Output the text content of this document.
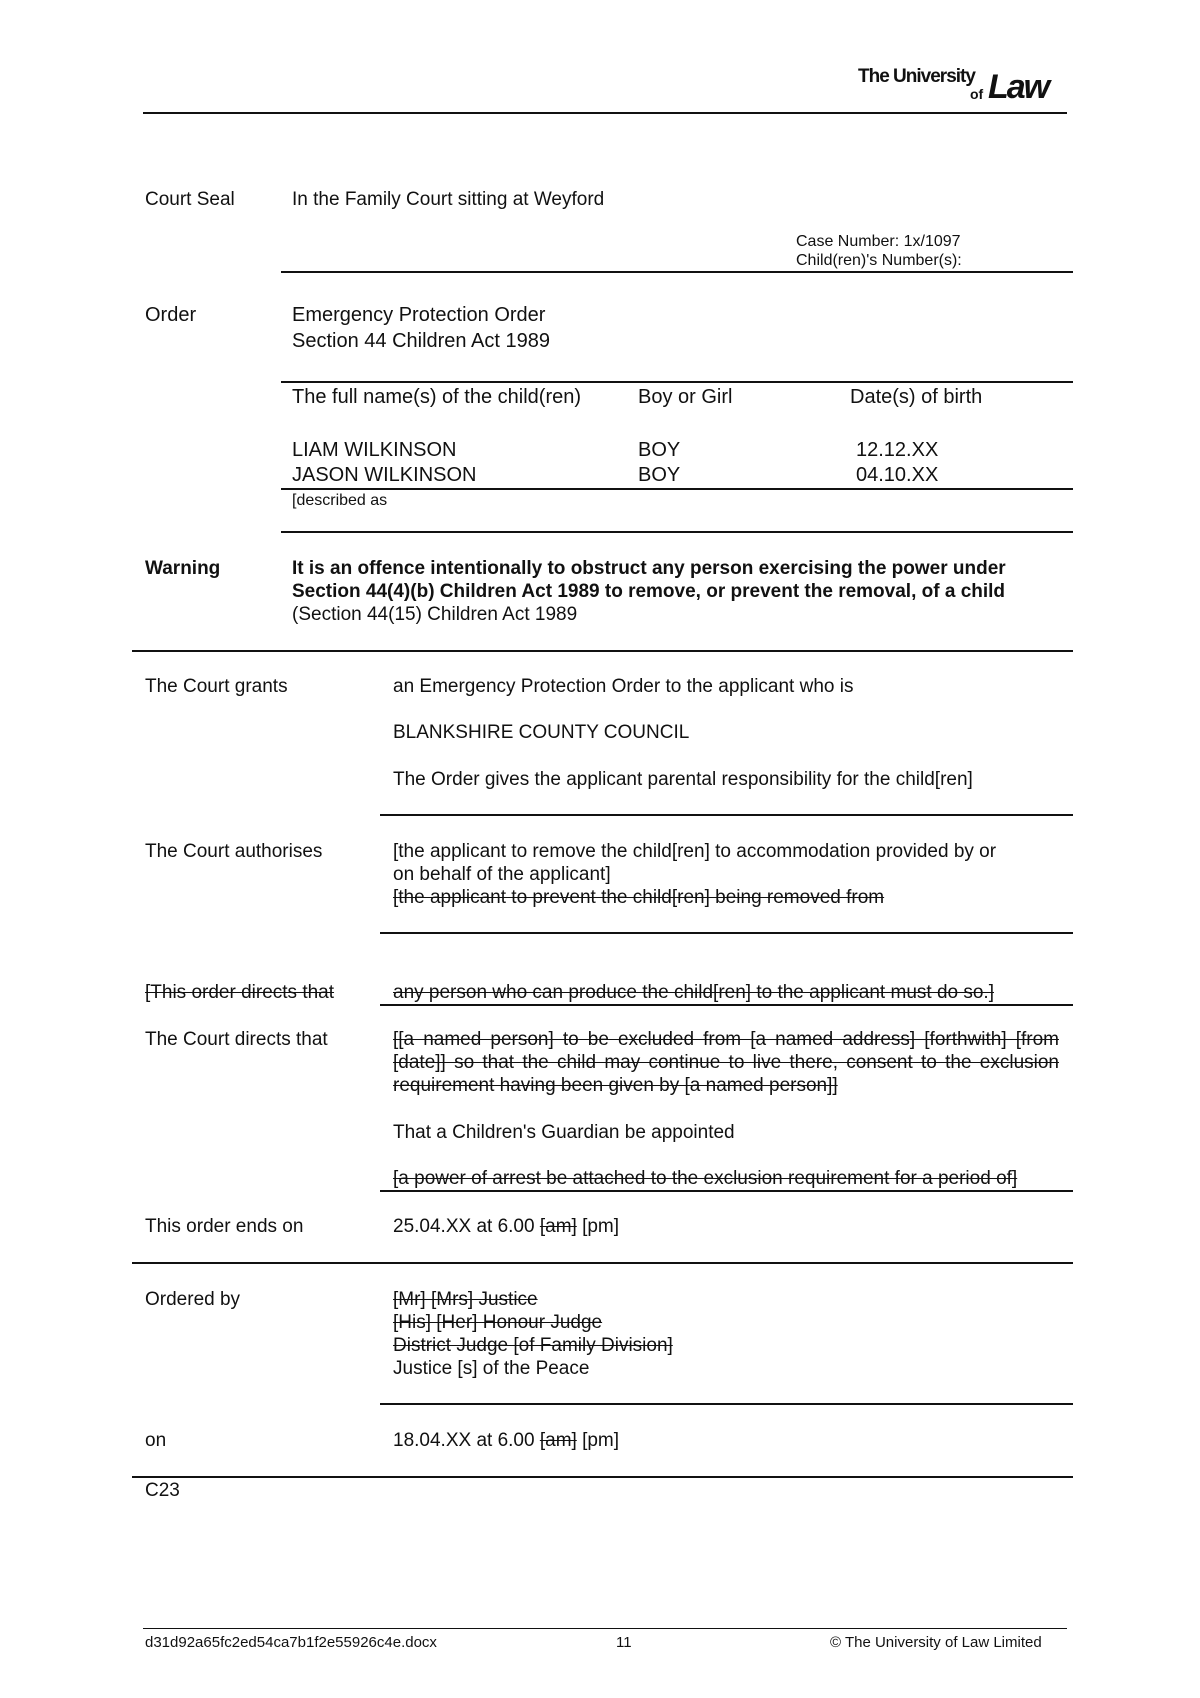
The University
of Law
Court Seal	In the Family Court sitting at Weyford
Case Number: 1x/1097
Child(ren)'s Number(s):
Order	Emergency Protection Order
Section 44 Children Act 1989
The full name(s) of the child(ren)	Boy or Girl	Date(s) of birth
LIAM WILKINSON	BOY	12.12.XX
JASON WILKINSON	BOY	04.10.XX
[described as
Warning	It is an offence intentionally to obstruct any person exercising the power under
Section 44(4)(b) Children Act 1989 to remove, or prevent the removal, of a child
(Section 44(15) Children Act 1989
The Court grants	an Emergency Protection Order to the applicant who is
BLANKSHIRE COUNTY COUNCIL
The Order gives the applicant parental responsibility for the child[ren]
The Court authorises	[the applicant to remove the child[ren] to accommodation provided by or
on behalf of the applicant]
[the applicant to prevent the child[ren] being removed from
[This order directs that	any person who can produce the child[ren] to the applicant must do so.]
The Court directs that	[[a named person] to be excluded from [a named address] [forthwith] [from [date]] so that the child may continue to live there, consent to the exclusion requirement having been given by [a named person]]
That a Children's Guardian be appointed
[a power of arrest be attached to the exclusion requirement for a period of]
This order ends on	25.04.XX at 6.00 [am] [pm]
Ordered by	[Mr] [Mrs] Justice
[His] [Her] Honour Judge
District Judge [of Family Division]
Justice [s] of the Peace
on	18.04.XX at 6.00 [am] [pm]
C23
d31d92a65fc2ed54ca7b1f2e55926c4e.docx	11	© The University of Law Limited
